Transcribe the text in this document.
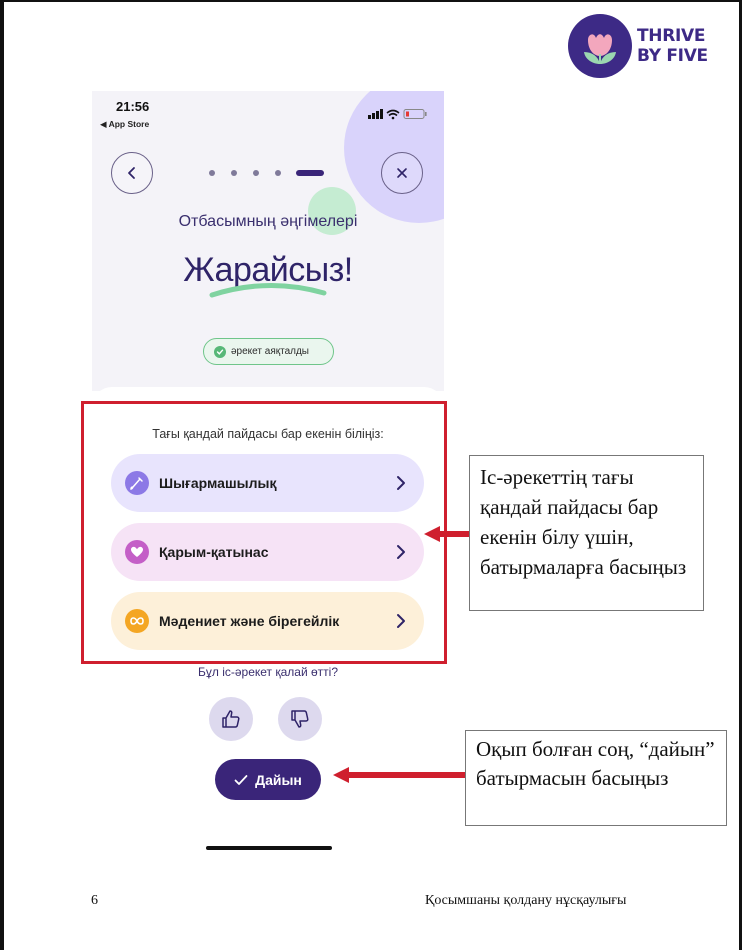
THRIVE
BY FIVE
21:56
◀ App Store
Отбасымның әңгімелері
Жарайсыз!
әрекет аяқталды
Тағы қандай пайдасы бар екенін біліңіз:
Шығармашылық
Қарым-қатынас
Мәдениет және бірегейлік
Бұл іс-әрекет қалай өтті?
Дайын
Іс-әрекеттің тағы қандай пайдасы бар екенін білу үшін, батырмаларға басыңыз
Оқып болған соң, “дайын” батырмасын басыңыз
6	Қосымшаны қолдану нұсқаулығы
